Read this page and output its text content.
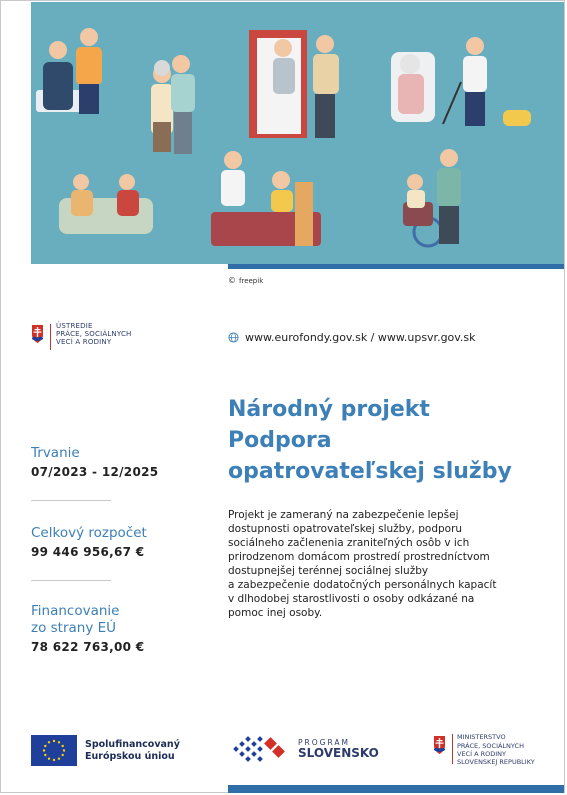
© freepik
ÚSTREDIE
PRÁCE, SOCIÁLNYCH
VECÍ A RODINY	www.eurofondy.gov.sk / www.upsvr.gov.sk
Národný projekt
Podpora
opatrovateľskej služby
Projekt je zameraný na zabezpečenie lepšej
dostupnosti opatrovateľskej služby, podporu
sociálneho začlenenia zraniteľných osôb v ich
prirodzenom domácom prostredí prostredníctvom
dostupnejšej terénnej sociálnej služby
a zabezpečenie dodatočných personálnych kapacít
v dlhodobej starostlivosti o osoby odkázané na
pomoc inej osoby.
Trvanie
07/2023 - 12/2025
Celkový rozpočet
99 446 956,67 €
Financovanie
zo strany EÚ
78 622 763,00 €
Spolufinancovaný
Európskou úniou
PROGRAM
SLOVENSKO
MINISTERSTVO
PRÁCE, SOCIÁLNYCH
VECÍ A RODINY
SLOVENSKEJ REPUBLIKY
